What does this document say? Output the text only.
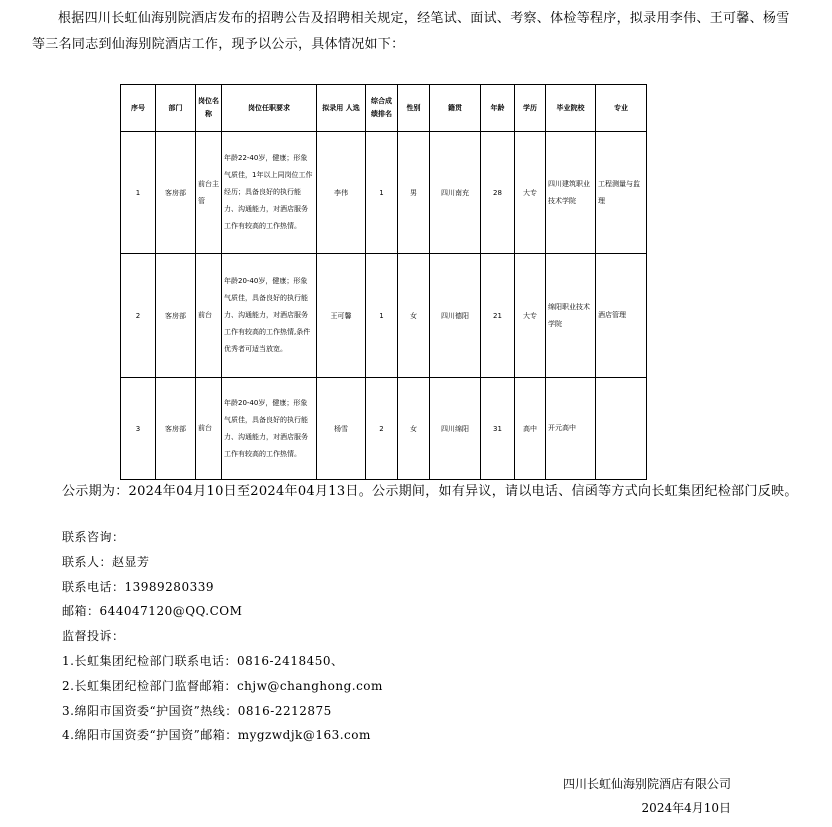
根据四川长虹仙海别院酒店发布的招聘公告及招聘相关规定，经笔试、面试、考察、体检等程序，拟录用李伟、王可馨、杨雪等三名同志到仙海别院酒店工作，现予以公示，具体情况如下：
序号	部门	岗位名称	岗位任职要求	拟录用 人选	综合成绩排名	性别	籍贯	年龄	学历	毕业院校	专业
1	客房部	前台主管	年龄22-40岁，健康；形象气质佳，1年以上同岗位工作经历；具备良好的执行能力、沟通能力，对酒店服务工作有较高的工作热情。	李伟	1	男	四川南充	28	大专	四川建筑职业技术学院	工程测量与监理
2	客房部	前台	年龄20-40岁，健康；形象气质佳，具备良好的执行能力、沟通能力，对酒店服务工作有较高的工作热情,条件优秀者可适当放宽。	王可馨	1	女	四川德阳	21	大专	绵阳职业技术学院	酒店管理
3	客房部	前台	年龄20-40岁，健康；形象气质佳，具备良好的执行能力、沟通能力，对酒店服务工作有较高的工作热情。	杨雪	2	女	四川绵阳	31	高中	开元高中	
公示期为：2024年04月10日至2024年04月13日。公示期间，如有异议，请以电话、信函等方式向长虹集团纪检部门反映。
联系咨询：
联系人：赵显芳
联系电话：13989280339
邮箱：644047120@QQ.COM
监督投诉：
1.长虹集团纪检部门联系电话：0816-2418450、
2.长虹集团纪检部门监督邮箱：chjw@changhong.com
3.绵阳市国资委“护国资”热线：0816-2212875
4.绵阳市国资委“护国资”邮箱：mygzwdjk@163.com
四川长虹仙海别院酒店有限公司
2024年4月10日
